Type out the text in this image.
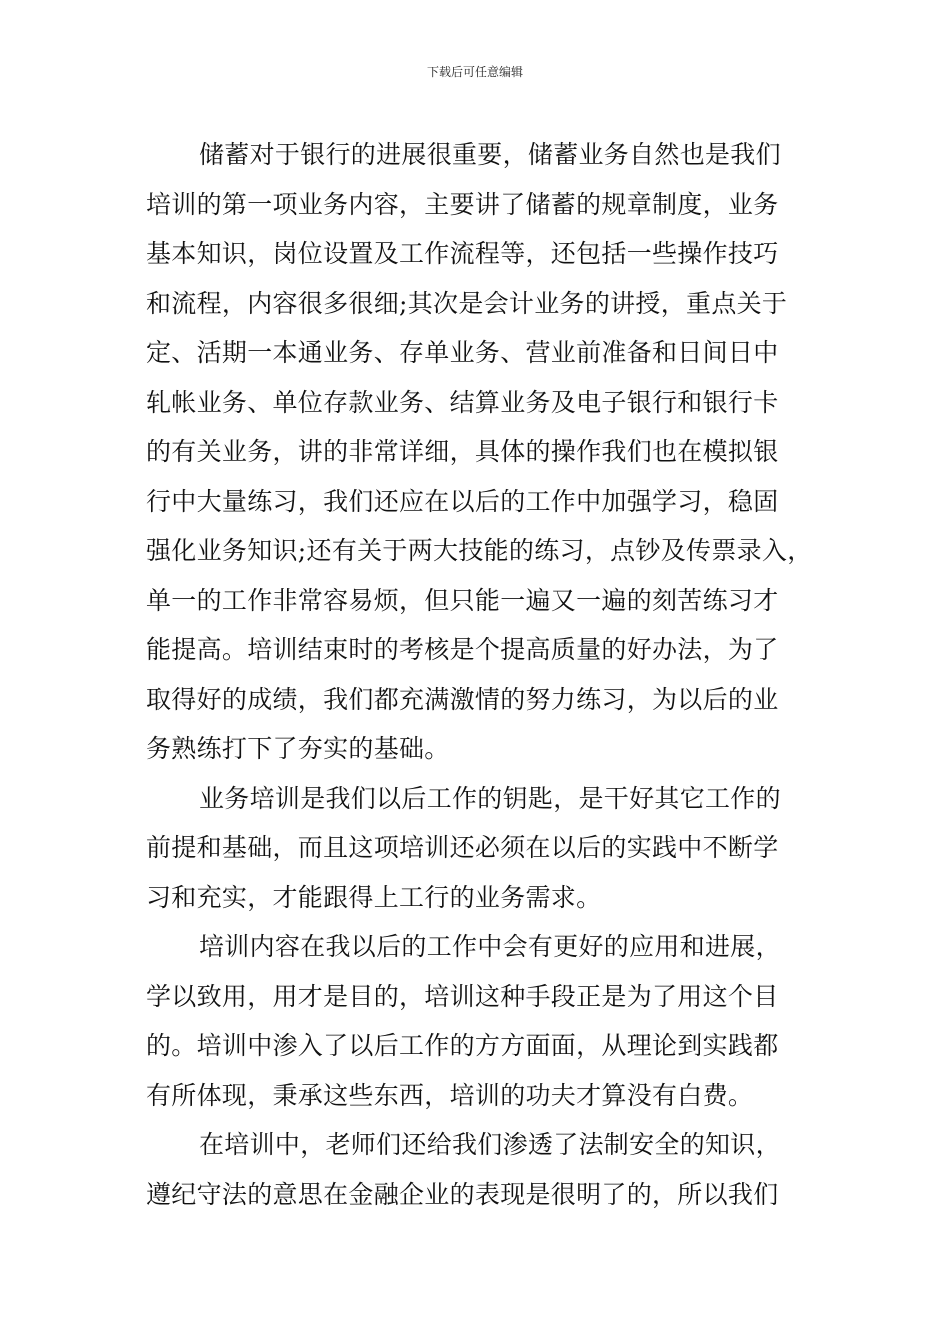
下载后可任意编辑
储蓄对于银行的进展很重要，储蓄业务自然也是我们
培训的第一项业务内容，主要讲了储蓄的规章制度，业务
基本知识，岗位设置及工作流程等，还包括一些操作技巧
和流程，内容很多很细;其次是会计业务的讲授，重点关于
定、活期一本通业务、存单业务、营业前准备和日间日中
轧帐业务、单位存款业务、结算业务及电子银行和银行卡
的有关业务，讲的非常详细，具体的操作我们也在模拟银
行中大量练习，我们还应在以后的工作中加强学习，稳固
强化业务知识;还有关于两大技能的练习，点钞及传票录入，
单一的工作非常容易烦，但只能一遍又一遍的刻苦练习才
能提高。培训结束时的考核是个提高质量的好办法，为了
取得好的成绩，我们都充满激情的努力练习，为以后的业
务熟练打下了夯实的基础。
业务培训是我们以后工作的钥匙，是干好其它工作的
前提和基础，而且这项培训还必须在以后的实践中不断学
习和充实，才能跟得上工行的业务需求。
培训内容在我以后的工作中会有更好的应用和进展，
学以致用，用才是目的，培训这种手段正是为了用这个目
的。培训中渗入了以后工作的方方面面，从理论到实践都
有所体现，秉承这些东西，培训的功夫才算没有白费。
在培训中，老师们还给我们渗透了法制安全的知识，
遵纪守法的意思在金融企业的表现是很明了的，所以我们
